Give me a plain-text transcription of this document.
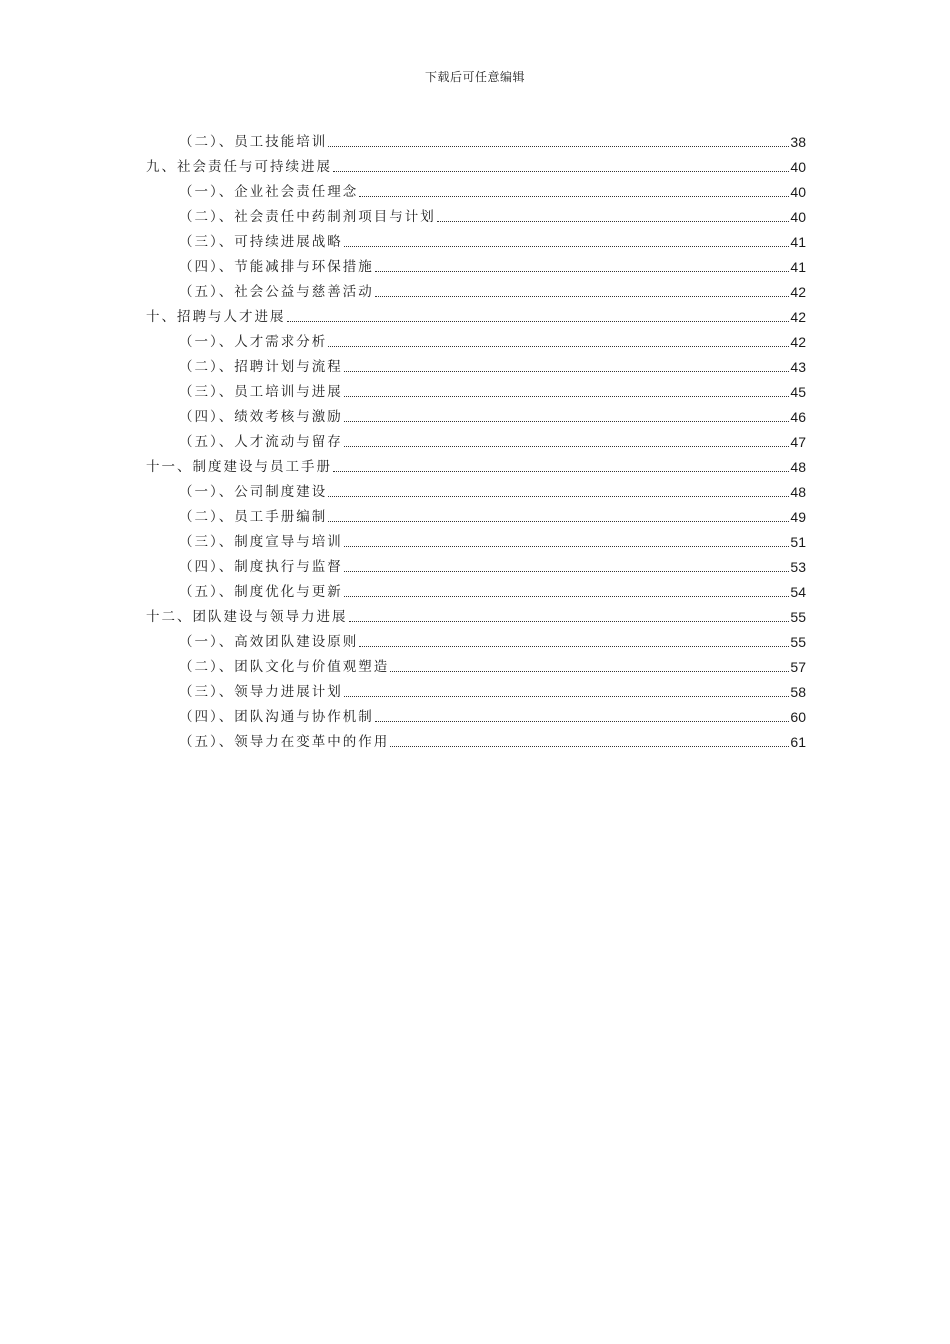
下载后可任意编辑
（二）、员工技能培训	38
九、社会责任与可持续进展	40
（一）、企业社会责任理念	40
（二）、社会责任中药制剂项目与计划	40
（三）、可持续进展战略	41
（四）、节能减排与环保措施	41
（五）、社会公益与慈善活动	42
十、招聘与人才进展	42
（一）、人才需求分析	42
（二）、招聘计划与流程	43
（三）、员工培训与进展	45
（四）、绩效考核与激励	46
（五）、人才流动与留存	47
十一、制度建设与员工手册	48
（一）、公司制度建设	48
（二）、员工手册编制	49
（三）、制度宣导与培训	51
（四）、制度执行与监督	53
（五）、制度优化与更新	54
十二、团队建设与领导力进展	55
（一）、高效团队建设原则	55
（二）、团队文化与价值观塑造	57
（三）、领导力进展计划	58
（四）、团队沟通与协作机制	60
（五）、领导力在变革中的作用	61
